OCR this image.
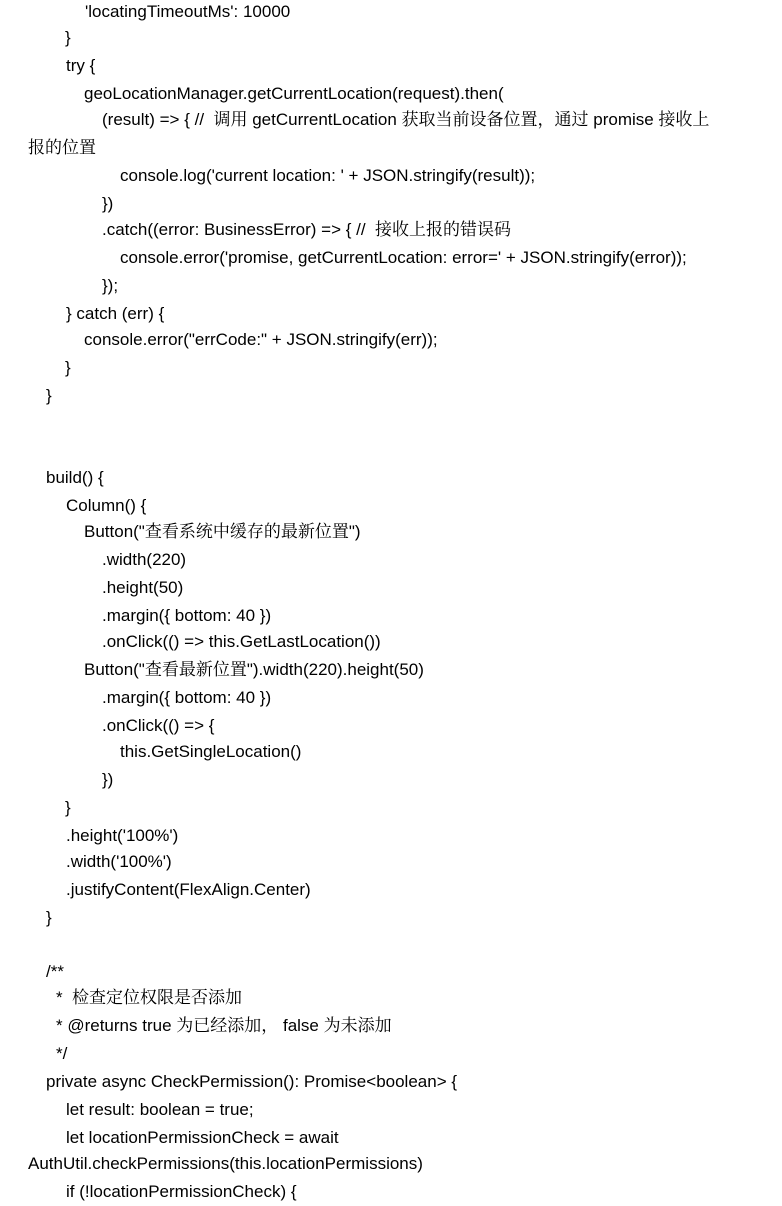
'locatingTimeoutMs': 10000
}
try {
geoLocationManager.getCurrentLocation(request).then(
(result) => { //  调用 getCurrentLocation 获取当前设备位置，通过 promise 接收上
报的位置
console.log('current location: ' + JSON.stringify(result));
})
.catch((error: BusinessError) => { //  接收上报的错误码
console.error('promise, getCurrentLocation: error=' + JSON.stringify(error));
});
} catch (err) {
console.error("errCode:" + JSON.stringify(err));
}
}
build() {
Column() {
Button("查看系统中缓存的最新位置")
.width(220)
.height(50)
.margin({ bottom: 40 })
.onClick(() => this.GetLastLocation())
Button("查看最新位置").width(220).height(50)
.margin({ bottom: 40 })
.onClick(() => {
this.GetSingleLocation()
})
}
.height('100%')
.width('100%')
.justifyContent(FlexAlign.Center)
}
/**
*  检查定位权限是否添加
* @returns true 为已经添加， false 为未添加
*/
private async CheckPermission(): Promise<boolean> {
let result: boolean = true;
let locationPermissionCheck = await
AuthUtil.checkPermissions(this.locationPermissions)
if (!locationPermissionCheck) {
